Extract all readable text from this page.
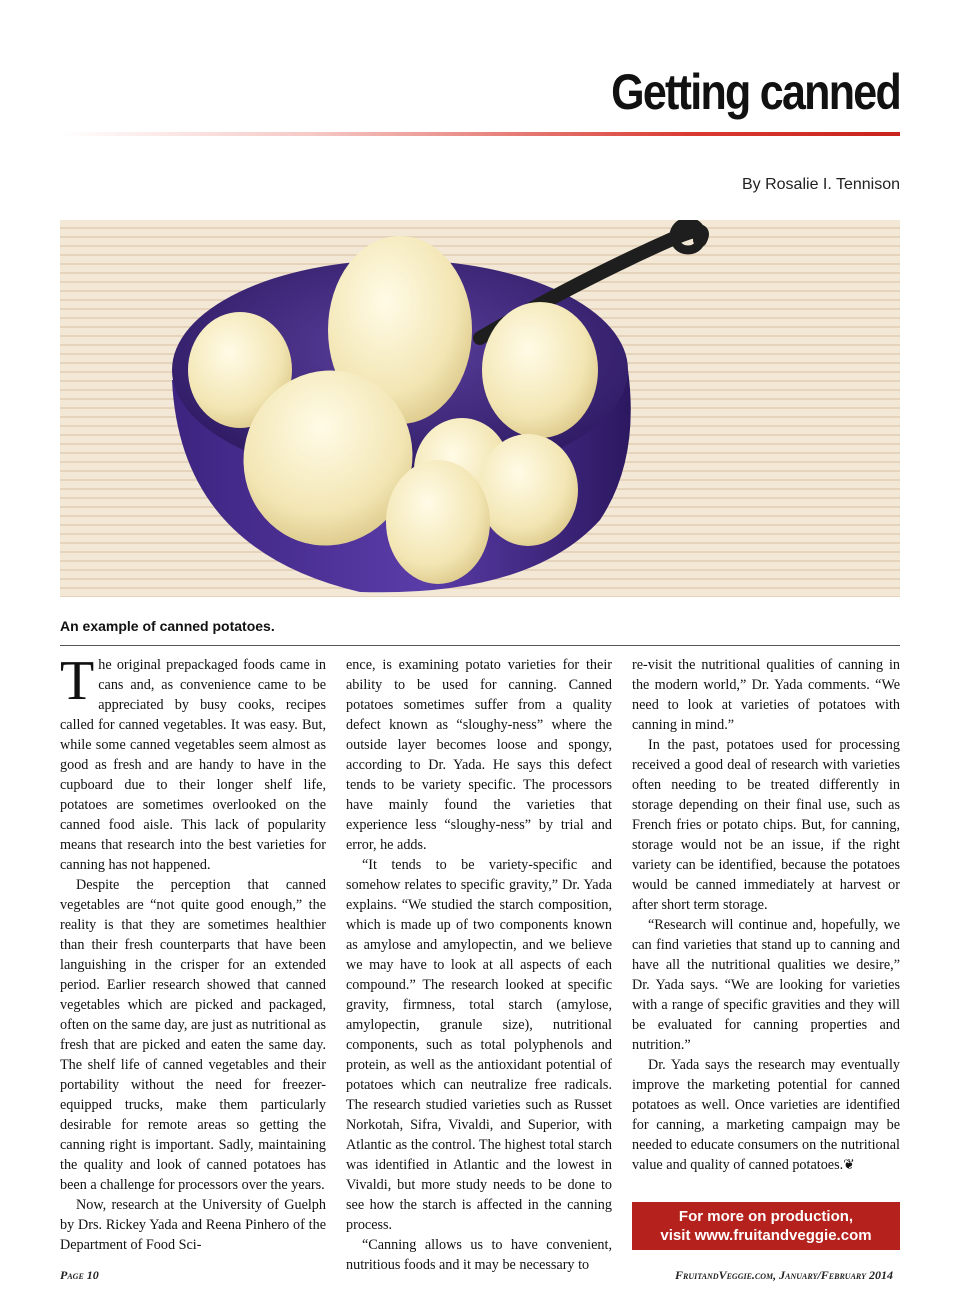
Getting canned
By Rosalie I. Tennison
An example of canned potatoes.
T he original prepackaged foods came in cans and, as convenience came to be appreciated by busy cooks, recipes called for canned vegetables. It was easy. But, while some canned vegetables seem almost as good as fresh and are handy to have in the cupboard due to their longer shelf life, potatoes are sometimes overlooked on the canned food aisle. This lack of popularity means that research into the best varieties for canning has not happened.

Despite the perception that canned vegetables are “not quite good enough,” the reality is that they are sometimes healthier than their fresh counterparts that have been languishing in the crisper for an extended period. Earlier research showed that canned vegetables which are picked and packaged, often on the same day, are just as nutritional as fresh that are picked and eaten the same day. The shelf life of canned vegetables and their portability without the need for freezer-equipped trucks, make them particularly desirable for remote areas so getting the canning right is important. Sadly, maintaining the quality and look of canned potatoes has been a challenge for processors over the years.

Now, research at the University of Guelph by Drs. Rickey Yada and Reena Pinhero of the Department of Food Sci-

ence, is examining potato varieties for their ability to be used for canning. Canned potatoes sometimes suffer from a quality defect known as “sloughy-ness” where the outside layer becomes loose and spongy, according to Dr. Yada. He says this defect tends to be variety specific. The processors have mainly found the varieties that experience less “sloughy-ness” by trial and error, he adds.

“It tends to be variety-specific and somehow relates to specific gravity,” Dr. Yada explains. “We studied the starch composition, which is made up of two components known as amylose and amylopectin, and we believe we may have to look at all aspects of each compound.” The research looked at specific gravity, firmness, total starch (amylose, amylopectin, granule size), nutritional components, such as total polyphenols and protein, as well as the antioxidant potential of potatoes which can neutralize free radicals. The research studied varieties such as Russet Norkotah, Sifra, Vivaldi, and Superior, with Atlantic as the control. The highest total starch was identified in Atlantic and the lowest in Vivaldi, but more study needs to be done to see how the starch is affected in the canning process.

“Canning allows us to have convenient, nutritious foods and it may be necessary to

re-visit the nutritional qualities of canning in the modern world,” Dr. Yada comments. “We need to look at varieties of potatoes with canning in mind.”

In the past, potatoes used for processing received a good deal of research with varieties often needing to be treated differently in storage depending on their final use, such as French fries or potato chips. But, for canning, storage would not be an issue, if the right variety can be identified, because the potatoes would be canned immediately at harvest or after short term storage.

“Research will continue and, hopefully, we can find varieties that stand up to canning and have all the nutritional qualities we desire,” Dr. Yada says. “We are looking for varieties with a range of specific gravities and they will be evaluated for canning properties and nutrition.”

Dr. Yada says the research may eventually improve the marketing potential for canned potatoes as well. Once varieties are identified for canning, a marketing campaign may be needed to educate consumers on the nutritional value and quality of canned potatoes.❦

For more on production,
visit www.fruitandveggie.com
Page 10	FruitandVeggie.com, January/February 2014
